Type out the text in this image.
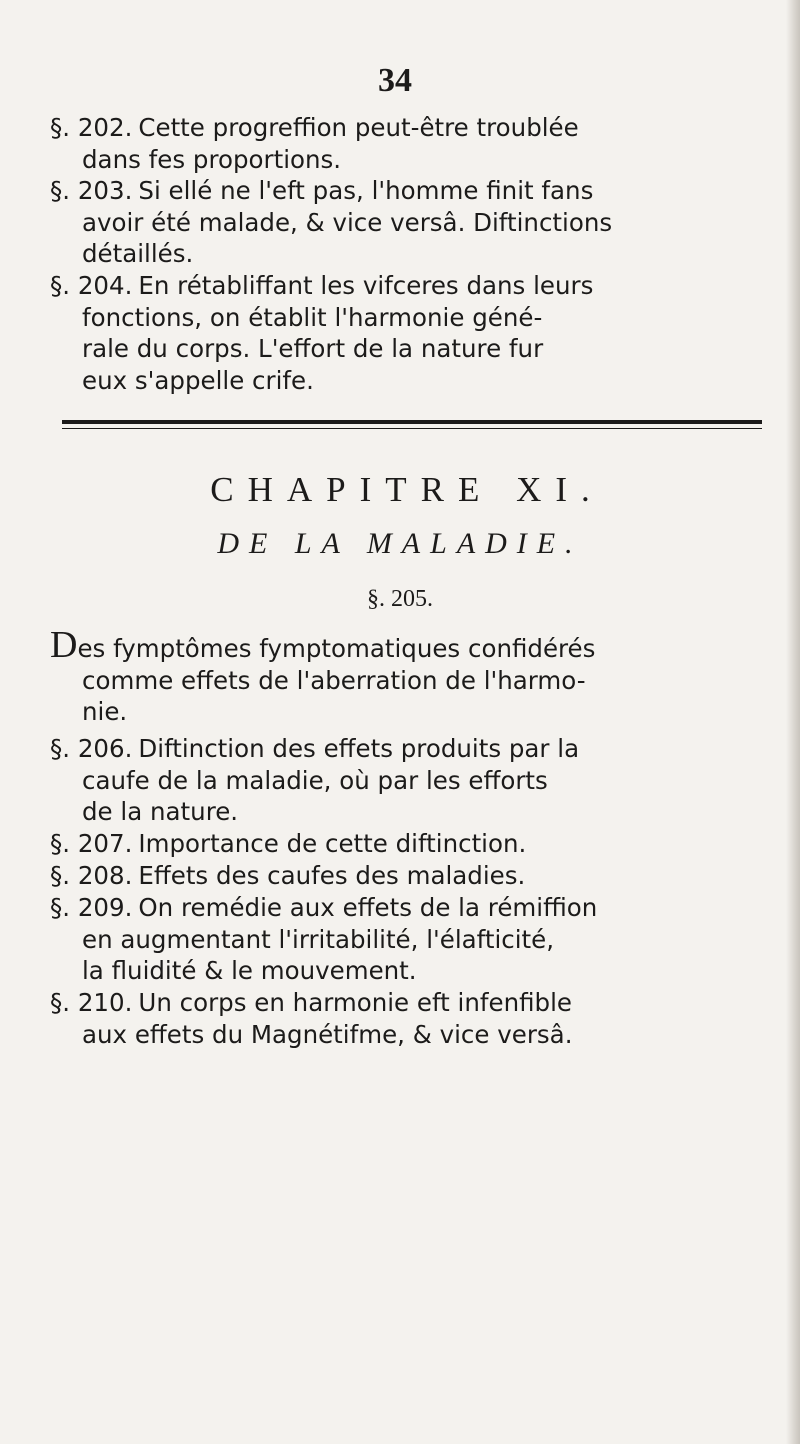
34
§. 202. Cette progreffion peut-être troublée
dans fes proportions.
§. 203. Si ellé ne l'eft pas, l'homme finit fans
avoir été malade, & vice versâ. Diftinctions
détaillés.
§. 204. En rétabliffant les vifceres dans leurs
fonctions, on établit l'harmonie géné-
rale du corps. L'effort de la nature fur
eux s'appelle crife.
CHAPITRE XI.
DE LA MALADIE.
§. 205.
Des fymptômes fymptomatiques confidérés
comme effets de l'aberration de l'harmo-
nie.
§. 206. Diftinction des effets produits par la
caufe de la maladie, où par les efforts
de la nature.
§. 207. Importance de cette diftinction.
§. 208. Effets des caufes des maladies.
§. 209. On remédie aux effets de la rémiffion
en augmentant l'irritabilité, l'élafticité,
la fluidité & le mouvement.
§. 210. Un corps en harmonie eft infenfible
aux effets du Magnétifme, & vice versâ.
